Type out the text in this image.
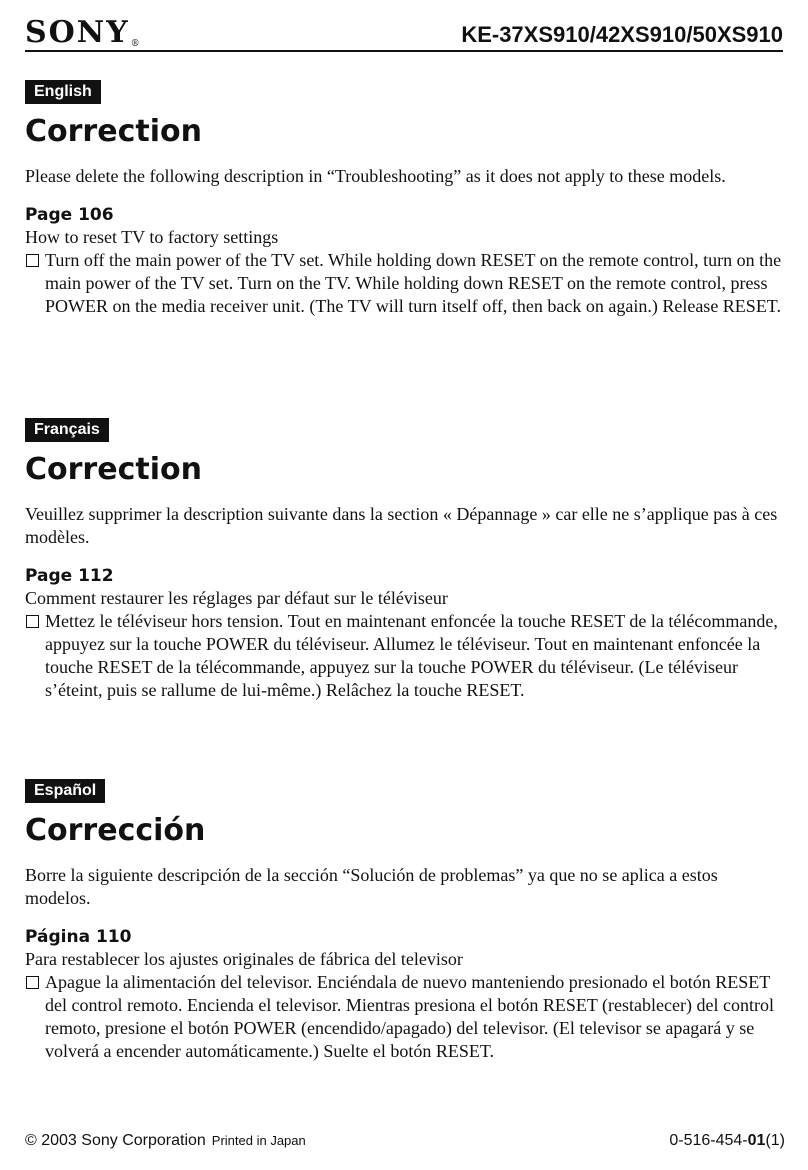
SONY®	KE-37XS910/42XS910/50XS910
English
Correction

Please delete the following description in “Troubleshooting” as it does not apply to these models.

Page 106

How to reset TV to factory settings

Turn off the main power of the TV set. While holding down RESET on the remote control, turn on the main power of the TV set. Turn on the TV. While holding down RESET on the remote control, press POWER on the media receiver unit. (The TV will turn itself off, then back on again.) Release RESET.

Français
Correction

Veuillez supprimer la description suivante dans la section « Dépannage » car elle ne s’applique pas à ces modèles.

Page 112

Comment restaurer les réglages par défaut sur le téléviseur

Mettez le téléviseur hors tension. Tout en maintenant enfoncée la touche RESET de la télécommande, appuyez sur la touche POWER du téléviseur. Allumez le téléviseur. Tout en maintenant enfoncée la touche RESET de la télécommande, appuyez sur la touche POWER du téléviseur. (Le téléviseur s’éteint, puis se rallume de lui-même.) Relâchez la touche RESET.

Español
Corrección

Borre la siguiente descripción de la sección “Solución de problemas” ya que no se aplica a estos modelos.

Página 110

Para restablecer los ajustes originales de fábrica del televisor

Apague la alimentación del televisor. Enciéndala de nuevo manteniendo presionado el botón RESET del control remoto. Encienda el televisor. Mientras presiona el botón RESET (restablecer) del control remoto, presione el botón POWER (encendido/apagado) del televisor. (El televisor se apagará y se volverá a encender automáticamente.) Suelte el botón RESET.

© 2003 Sony Corporation Printed in Japan	0-516-454-01(1)
